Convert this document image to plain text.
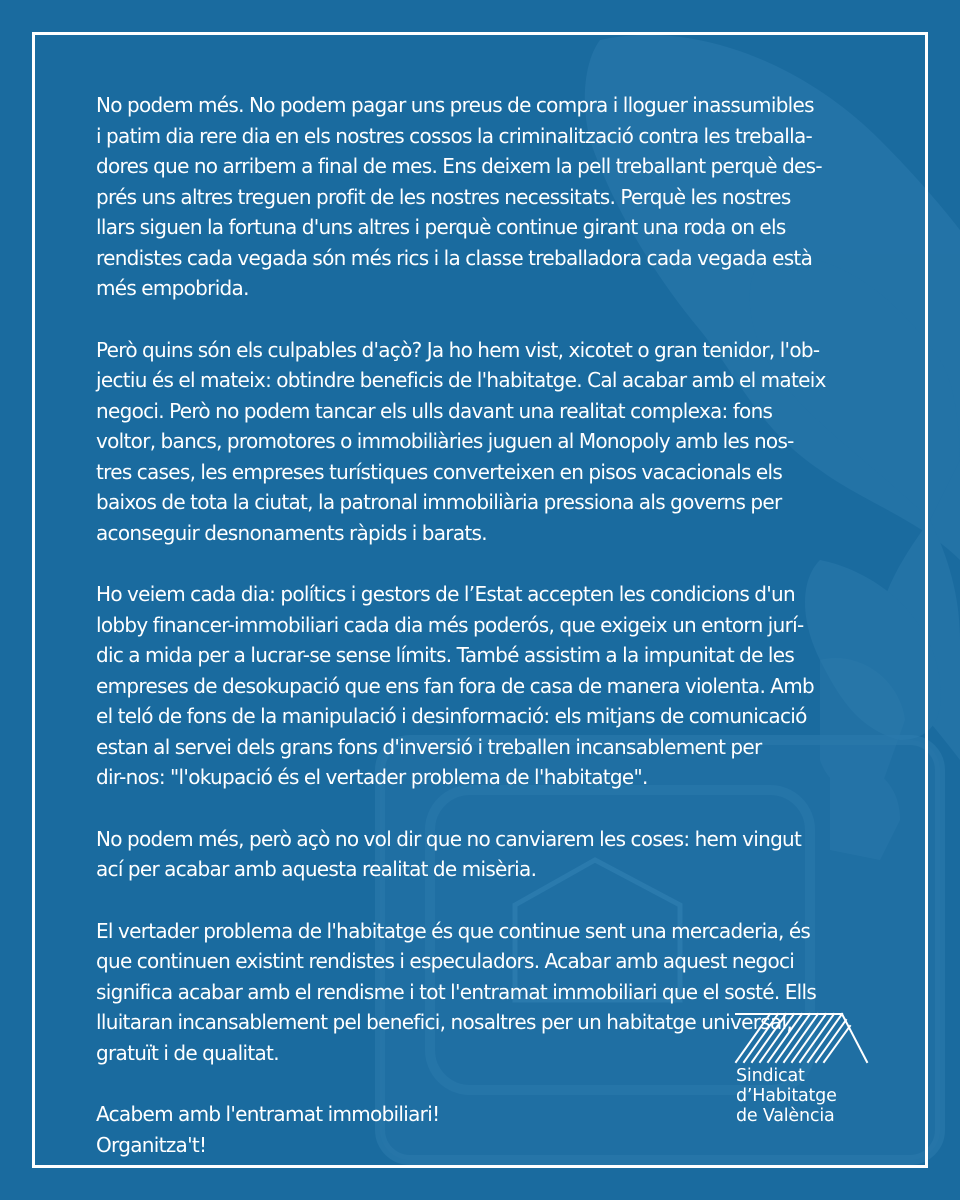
No podem més. No podem pagar uns preus de compra i lloguer inassumibles
i patim dia rere dia en els nostres cossos la criminalització contra les treballa-
dores que no arribem a final de mes. Ens deixem la pell treballant perquè des-
prés uns altres treguen profit de les nostres necessitats. Perquè les nostres
llars siguen la fortuna d'uns altres i perquè continue girant una roda on els
rendistes cada vegada són més rics i la classe treballadora cada vegada està
més empobrida.

Però quins són els culpables d'açò? Ja ho hem vist, xicotet o gran tenidor, l'ob-
jectiu és el mateix: obtindre beneficis de l'habitatge. Cal acabar amb el mateix
negoci. Però no podem tancar els ulls davant una realitat complexa: fons
voltor, bancs, promotores o immobiliàries juguen al Monopoly amb les nos-
tres cases, les empreses turístiques converteixen en pisos vacacionals els
baixos de tota la ciutat, la patronal immobiliària pressiona als governs per
aconseguir desnonaments ràpids i barats.

Ho veiem cada dia: polítics i gestors de l’Estat accepten les condicions d'un
lobby financer-immobiliari cada dia més poderós, que exigeix un entorn jurí-
dic a mida per a lucrar-se sense límits. També assistim a la impunitat de les
empreses de desokupació que ens fan fora de casa de manera violenta. Amb
el teló de fons de la manipulació i desinformació: els mitjans de comunicació
estan al servei dels grans fons d'inversió i treballen incansablement per
dir-nos: "l'okupació és el vertader problema de l'habitatge".

No podem més, però açò no vol dir que no canviarem les coses: hem vingut
ací per acabar amb aquesta realitat de misèria.

El vertader problema de l'habitatge és que continue sent una mercaderia, és
que continuen existint rendistes i especuladors. Acabar amb aquest negoci
significa acabar amb el rendisme i tot l'entramat immobiliari que el sosté. Ells
lluitaran incansablement pel benefici, nosaltres per un habitatge universal,
gratuït i de qualitat.

Acabem amb l'entramat immobiliari!
Organitza't!

Sindicat
d’Habitatge
de València
